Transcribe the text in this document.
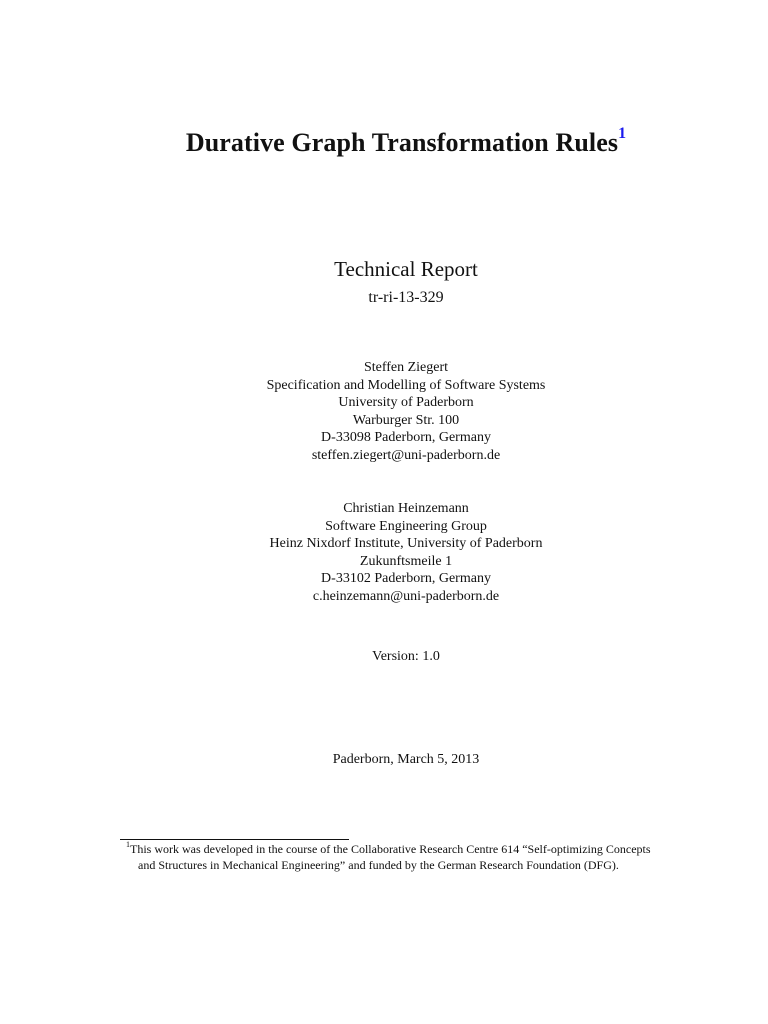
Durative Graph Transformation Rules$^1$
Technical Report
tr-ri-13-329
Steffen Ziegert
Specification and Modelling of Software Systems
University of Paderborn
Warburger Str. 100
D-33098 Paderborn, Germany
steffen.ziegert@uni-paderborn.de
Christian Heinzemann
Software Engineering Group
Heinz Nixdorf Institute, University of Paderborn
Zukunftsmeile 1
D-33102 Paderborn, Germany
c.heinzemann@uni-paderborn.de
Version: 1.0
Paderborn, March 5, 2013
$^1$This work was developed in the course of the Collaborative Research Centre 614 “Self-optimizing Concepts
and Structures in Mechanical Engineering” and funded by the German Research Foundation (DFG).
